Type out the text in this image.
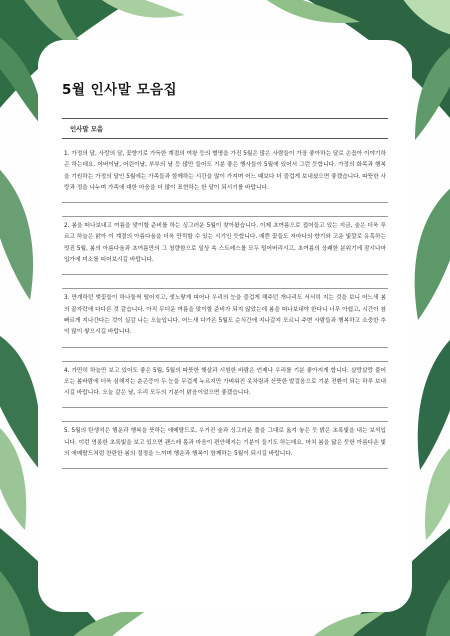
5월 인사말 모음집
인사말 모음
1. 가정의 달, 사랑의 달, 꽃향기로 가득한 계절의 여왕 등의 별명을 가진 5월은 많은 사람들이 가장 좋아하는 달로 손꼽아 이야기하곤 하는데요. 어버이날, 어린이날, 부부의 날 등 많만 들어도 기분 좋은 행사들이 5월에 있어서 그런 듯합니다. 가정의 화목과 행복을 기원하는 가정의 달인 5월에는 가족들과 함께하는 시간을 많이 가지며 어느 때보다 더 즐겁게 보내셨으면 좋겠습니다. 따뜻한 사랑과 정을 나누며 가족에 대한 마음을 더 많이 표현하는 한 달이 되시기를 바랍니다.
2. 봄을 떠나보내고 여름을 맞이할 준비를 하는 싱그러운 5월이 찾아왔습니다. 이제 초여름으로 접어들고 있는 지금, 숲은 더욱 푸르고 하늘은 맑아 이 계절의 아름다움을 더욱 만끽할 수 있는 시기인 듯합니다. 예쁜 꽃들도 저마다의 향기와 고운 빛깔로 유혹하는 멋진 5월, 봄의 아름다움과 초여름만의 그 청량함으로 일상 속 스트레스를 모두 털어버리시고, 초여름의 상쾌한 분위기에 잠시나마 입가에 미소를 띠어보시길 바랍니다.
3. 만개하던 벚꽃들이 하나둘씩 떨어지고, 샛노랗게 피어나 우리의 눈을 즐겁게 해주던 개나리도 서서히 지는 것을 보니 어느새 봄의 끝자락에 다다른 것 같습니다. 아직 무더운 여름을 맞이할 준비가 되지 않았는데 봄을 떠나보내야 한다니 너무 아쉽고, 시간이 참 빠르게 지나간다는 것이 실감 나는 오늘입니다. 어느새 다가온 5월도 순식간에 지나갈지 모르니 주변 사람들과 행복하고 소중한 추억 많이 쌓으시길 바랍니다.
4. 가만히 하늘만 보고 있어도 좋은 5월, 5월의 따뜻한 햇살과 시원한 바람은 언제나 우리를 기분 좋아지게 합니다. 살랑살랑 불어오는 봄바람에 더욱 심해지는 춘곤증이 두 눈을 무겁게 누르지만 가벼워진 옷차림과 산뜻한 발걸음으로 기분 전환이 되는 하루 보내시길 바랍니다. 오늘 같은 날, 우리 모두의 기분이 맑음이었으면 좋겠습니다.
5. 5월의 탄생석은 행운과 행복을 뜻하는 에메랄드로, 우거진 숲과 싱그러운 풀을 그대로 옮겨 놓은 듯 밝은 초록빛을 내는 보석입니다. 이런 영롱한 초록빛을 보고 있으면 괜스레 몸과 마음이 편안해지는 기분이 들기도 하는데요. 마치 봄을 닮은 듯한 아름다운 빛의 에메랄드처럼 찬란한 봄의 절정을 느끼며 행운과 행복이 함께하는 5월이 되시길 바랍니다.
